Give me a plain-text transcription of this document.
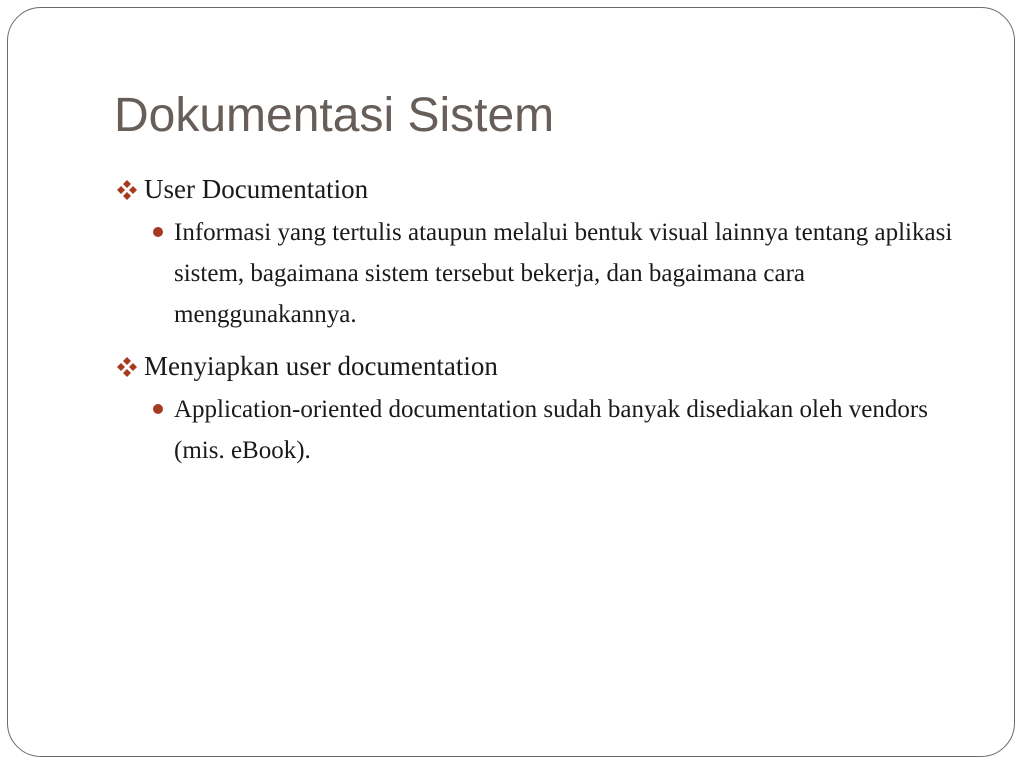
Dokumentasi Sistem
User Documentation
Informasi yang tertulis ataupun melalui bentuk visual lainnya tentang aplikasi sistem, bagaimana sistem tersebut bekerja, dan bagaimana cara menggunakannya.
Menyiapkan user documentation
Application-oriented documentation sudah banyak disediakan oleh vendors (mis. eBook).
